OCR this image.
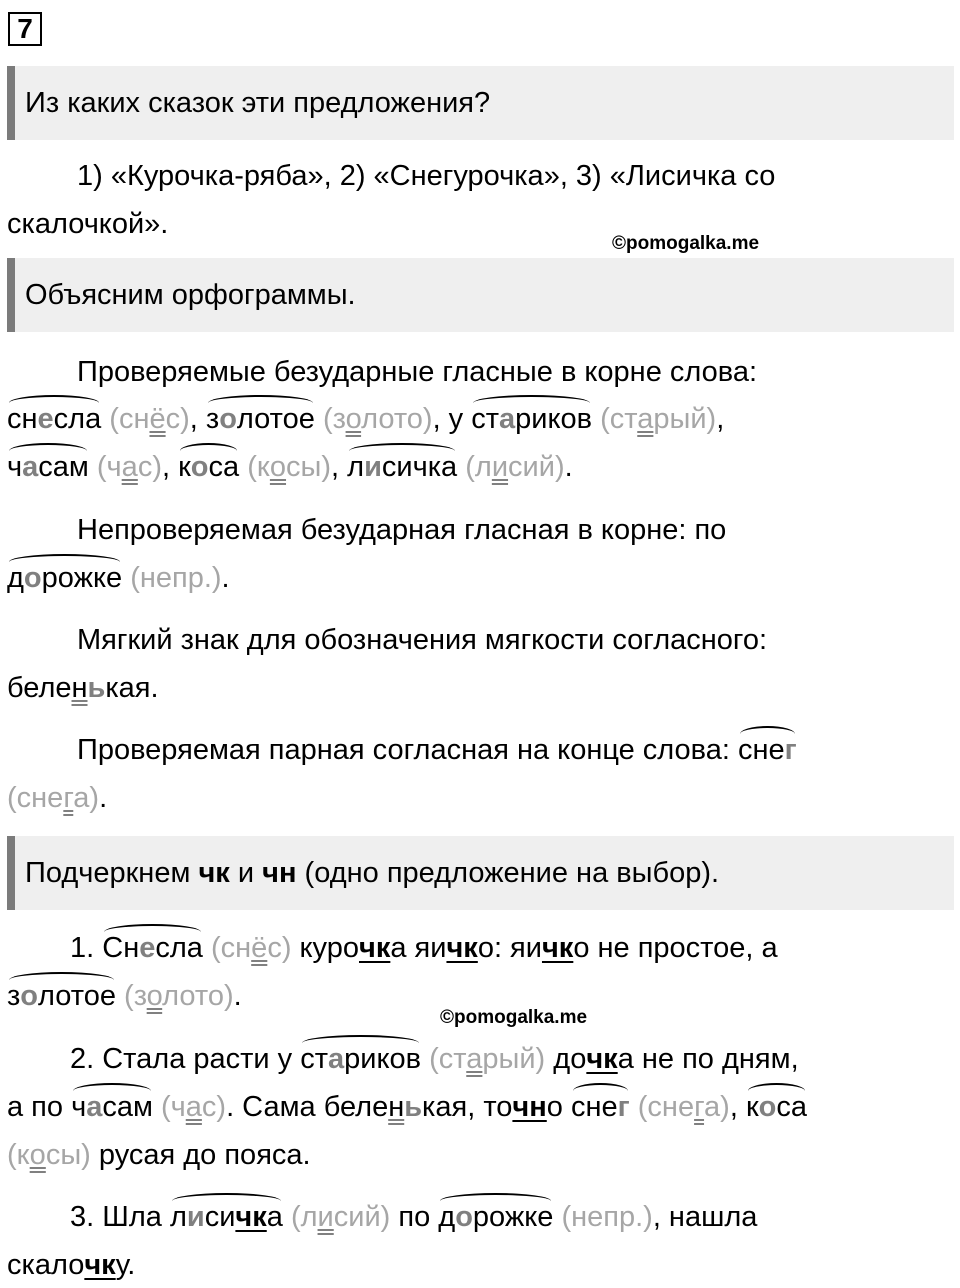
7
Из каких сказок эти предложения?
1) «Курочка-ряба», 2) «Снегурочка», 3) «Лисичка со
скалочкой».
©pomogalka.me
Объясним орфограммы.
Проверяемые безударные гласные в корне слова:
снесла (снёс), золотое (золото), у стариков (старый),
часам (час), коса (косы), лисичка (лисий).
Непроверяемая безударная гласная в корне: по
дорожке (непр.).
Мягкий знак для обозначения мягкости согласного:
беленькая.
Проверяемая парная согласная на конце слова: снег
(снега).
Подчеркнем чк и чн (одно предложение на выбор).
1. Снесла (снёс) курочка яичко: яичко не простое, а
золотое (золото).
©pomogalka.me
2. Стала расти у стариков (старый) дочка не по дням,
а по часам (час). Сама беленькая, точно снег (снега), коса
(косы) русая до пояса.
3. Шла лисичка (лисий) по дорожке (непр.), нашла
скалочку.
